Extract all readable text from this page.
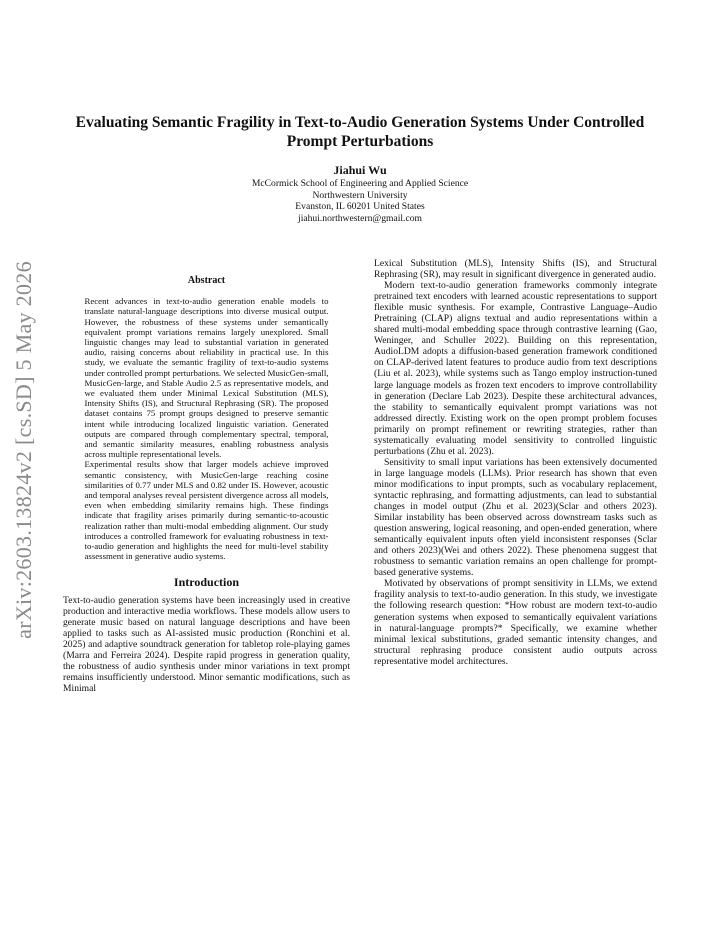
arXiv:2603.13824v2 [cs.SD] 5 May 2026
Evaluating Semantic Fragility in Text-to-Audio Generation Systems Under Controlled Prompt Perturbations
Jiahui Wu
McCormick School of Engineering and Applied Science
Northwestern University
Evanston, IL 60201 United States
jiahui.northwestern@gmail.com
Abstract

Recent advances in text-to-audio generation enable models to translate natural-language descriptions into diverse musical output. However, the robustness of these systems under semantically equivalent prompt variations remains largely unexplored. Small linguistic changes may lead to substantial variation in generated audio, raising concerns about reliability in practical use. In this study, we evaluate the semantic fragility of text-to-audio systems under controlled prompt perturbations. We selected MusicGen-small, MusicGen-large, and Stable Audio 2.5 as representative models, and we evaluated them under Minimal Lexical Substitution (MLS), Intensity Shifts (IS), and Structural Rephrasing (SR). The proposed dataset contains 75 prompt groups designed to preserve semantic intent while introducing localized linguistic variation. Generated outputs are compared through complementary spectral, temporal, and semantic similarity measures, enabling robustness analysis across multiple representational levels.

Experimental results show that larger models achieve improved semantic consistency, with MusicGen-large reaching cosine similarities of 0.77 under MLS and 0.82 under IS. However, acoustic and temporal analyses reveal persistent divergence across all models, even when embedding similarity remains high. These findings indicate that fragility arises primarily during semantic-to-acoustic realization rather than multi-modal embedding alignment. Our study introduces a controlled framework for evaluating robustness in text-to-audio generation and highlights the need for multi-level stability assessment in generative audio systems.

Introduction

Text-to-audio generation systems have been increasingly used in creative production and interactive media workflows. These models allow users to generate music based on natural language descriptions and have been applied to tasks such as AI-assisted music production (Ronchini et al. 2025) and adaptive soundtrack generation for tabletop role-playing games (Marra and Ferreira 2024). Despite rapid progress in generation quality, the robustness of audio synthesis under minor variations in text prompt remains insufficiently understood. Minor semantic modifications, such as Minimal

Lexical Substitution (MLS), Intensity Shifts (IS), and Structural Rephrasing (SR), may result in significant divergence in generated audio.

Modern text-to-audio generation frameworks commonly integrate pretrained text encoders with learned acoustic representations to support flexible music synthesis. For example, Contrastive Language–Audio Pretraining (CLAP) aligns textual and audio representations within a shared multi-modal embedding space through contrastive learning (Gao, Weninger, and Schuller 2022). Building on this representation, AudioLDM adopts a diffusion-based generation framework conditioned on CLAP-derived latent features to produce audio from text descriptions (Liu et al. 2023), while systems such as Tango employ instruction-tuned large language models as frozen text encoders to improve controllability in generation (Declare Lab 2023). Despite these architectural advances, the stability to semantically equivalent prompt variations was not addressed directly. Existing work on the open prompt problem focuses primarily on prompt refinement or rewriting strategies, rather than systematically evaluating model sensitivity to controlled linguistic perturbations (Zhu et al. 2023).

Sensitivity to small input variations has been extensively documented in large language models (LLMs). Prior research has shown that even minor modifications to input prompts, such as vocabulary replacement, syntactic rephrasing, and formatting adjustments, can lead to substantial changes in model output (Zhu et al. 2023)(Sclar and others 2023). Similar instability has been observed across downstream tasks such as question answering, logical reasoning, and open-ended generation, where semantically equivalent inputs often yield inconsistent responses (Sclar and others 2023)(Wei and others 2022). These phenomena suggest that robustness to semantic variation remains an open challenge for prompt-based generative systems.

Motivated by observations of prompt sensitivity in LLMs, we extend fragility analysis to text-to-audio generation. In this study, we investigate the following research question: *How robust are modern text-to-audio generation systems when exposed to semantically equivalent variations in natural-language prompts?* Specifically, we examine whether minimal lexical substitutions, graded semantic intensity changes, and structural rephrasing produce consistent audio outputs across representative model architectures.
